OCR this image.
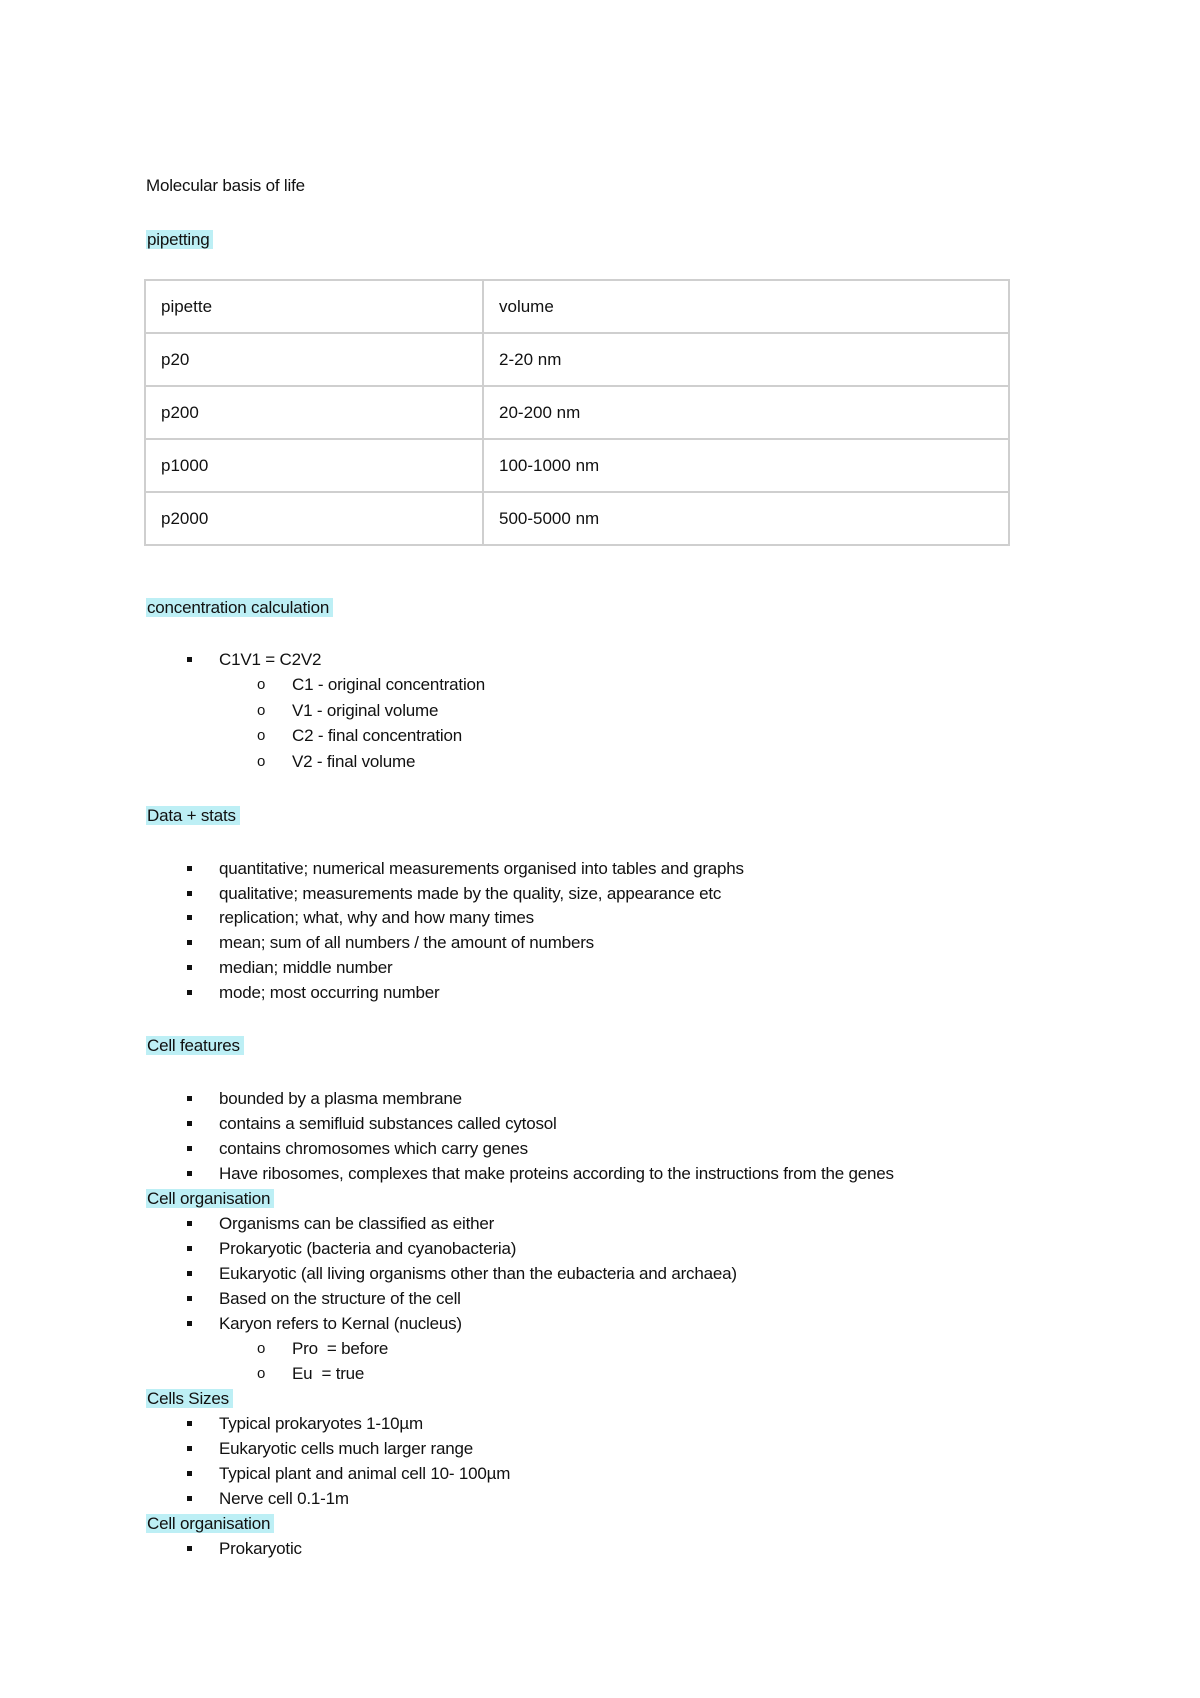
Molecular basis of life
pipetting
pipette	volume
p20	2-20 nm
p200	20-200 nm
p1000	100-1000 nm
p2000	500-5000 nm
concentration calculation
C1V1 = C2V2
o C1 - original concentration
o V1 - original volume
o C2 - final concentration
o V2 - final volume
Data + stats
quantitative; numerical measurements organised into tables and graphs
qualitative; measurements made by the quality, size, appearance etc
replication; what, why and how many times
mean; sum of all numbers / the amount of numbers
median; middle number
mode; most occurring number
Cell features
bounded by a plasma membrane
contains a semifluid substances called cytosol
contains chromosomes which carry genes
Have ribosomes, complexes that make proteins according to the instructions from the genes
Cell organisation
Organisms can be classified as either
Prokaryotic (bacteria and cyanobacteria)
Eukaryotic (all living organisms other than the eubacteria and archaea)
Based on the structure of the cell
Karyon refers to Kernal (nucleus)
o Pro  = before
o Eu  = true
Cells Sizes
Typical prokaryotes 1-10µm
Eukaryotic cells much larger range
Typical plant and animal cell 10- 100µm
Nerve cell 0.1-1m
Cell organisation
Prokaryotic
